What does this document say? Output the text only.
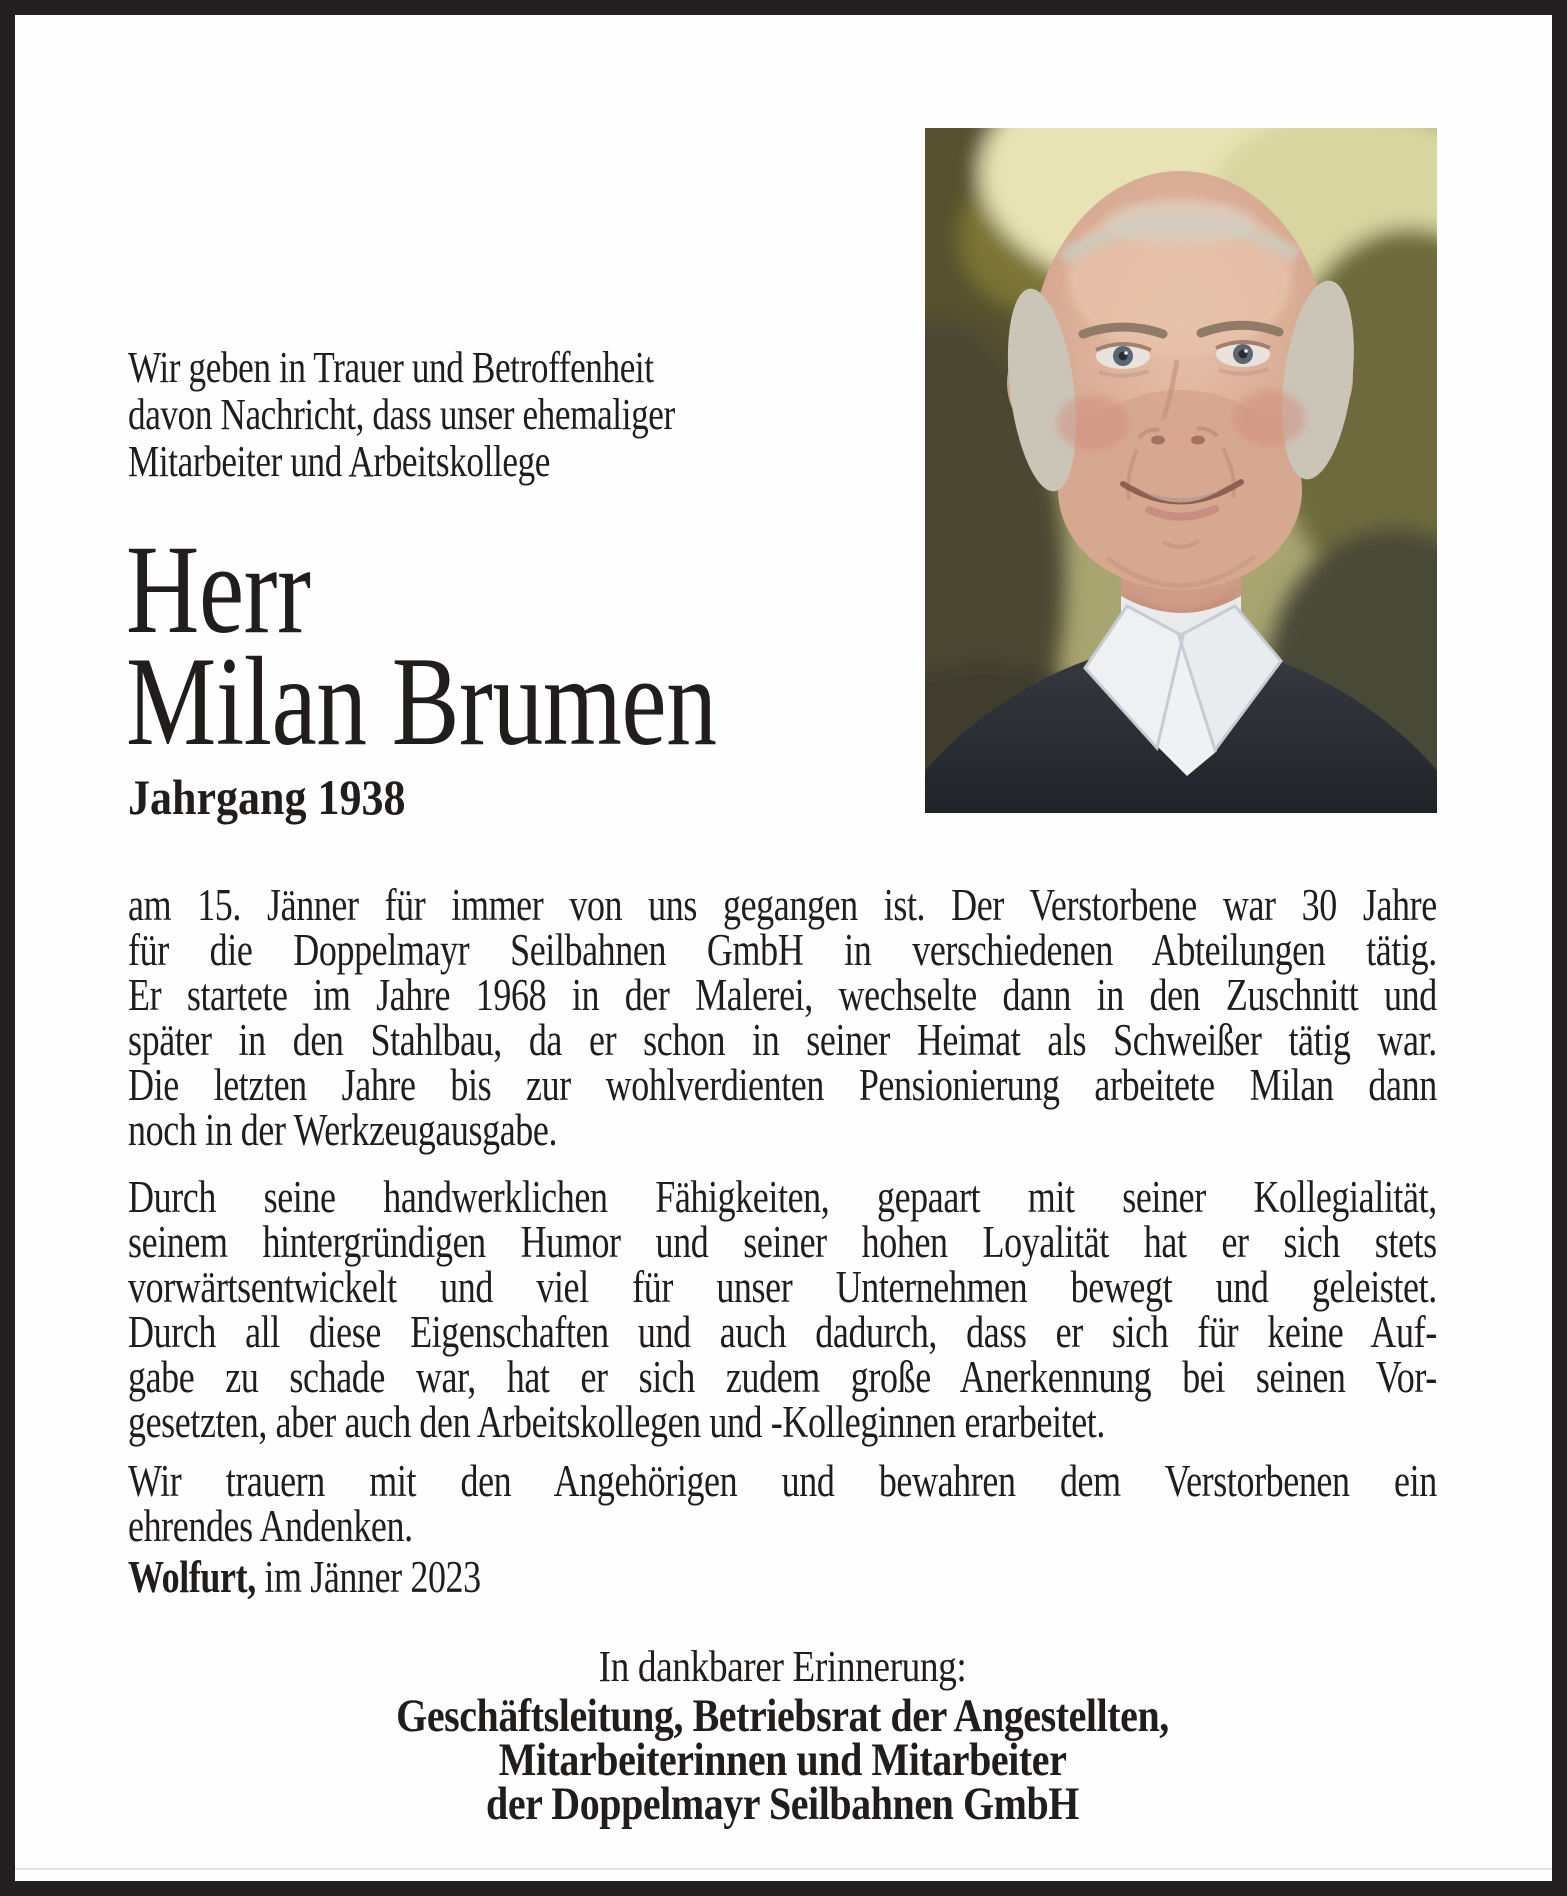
Wir geben in Trauer und Betroffenheit
davon Nachricht, dass unser ehemaliger
Mitarbeiter und Arbeitskollege
Herr
Milan Brumen
Jahrgang 1938
am 15. Jänner für immer von uns gegangen ist. Der Verstorbene war 30 Jahre
für die Doppelmayr Seilbahnen GmbH in verschiedenen Abteilungen tätig.
Er startete im Jahre 1968 in der Malerei, wechselte dann in den Zuschnitt und
später in den Stahlbau, da er schon in seiner Heimat als Schweißer tätig war.
Die letzten Jahre bis zur wohlverdienten Pensionierung arbeitete Milan dann
noch in der Werkzeugausgabe.
Durch seine handwerklichen Fähigkeiten, gepaart mit seiner Kollegialität,
seinem hintergründigen Humor und seiner hohen Loyalität hat er sich stets
vorwärtsentwickelt und viel für unser Unternehmen bewegt und geleistet.
Durch all diese Eigenschaften und auch dadurch, dass er sich für keine Auf-
gabe zu schade war, hat er sich zudem große Anerkennung bei seinen Vor-
gesetzten, aber auch den Arbeitskollegen und -Kolleginnen erarbeitet.
Wir trauern mit den Angehörigen und bewahren dem Verstorbenen ein
ehrendes Andenken.
Wolfurt, im Jänner 2023
In dankbarer Erinnerung:
Geschäftsleitung, Betriebsrat der Angestellten,
Mitarbeiterinnen und Mitarbeiter
der Doppelmayr Seilbahnen GmbH
